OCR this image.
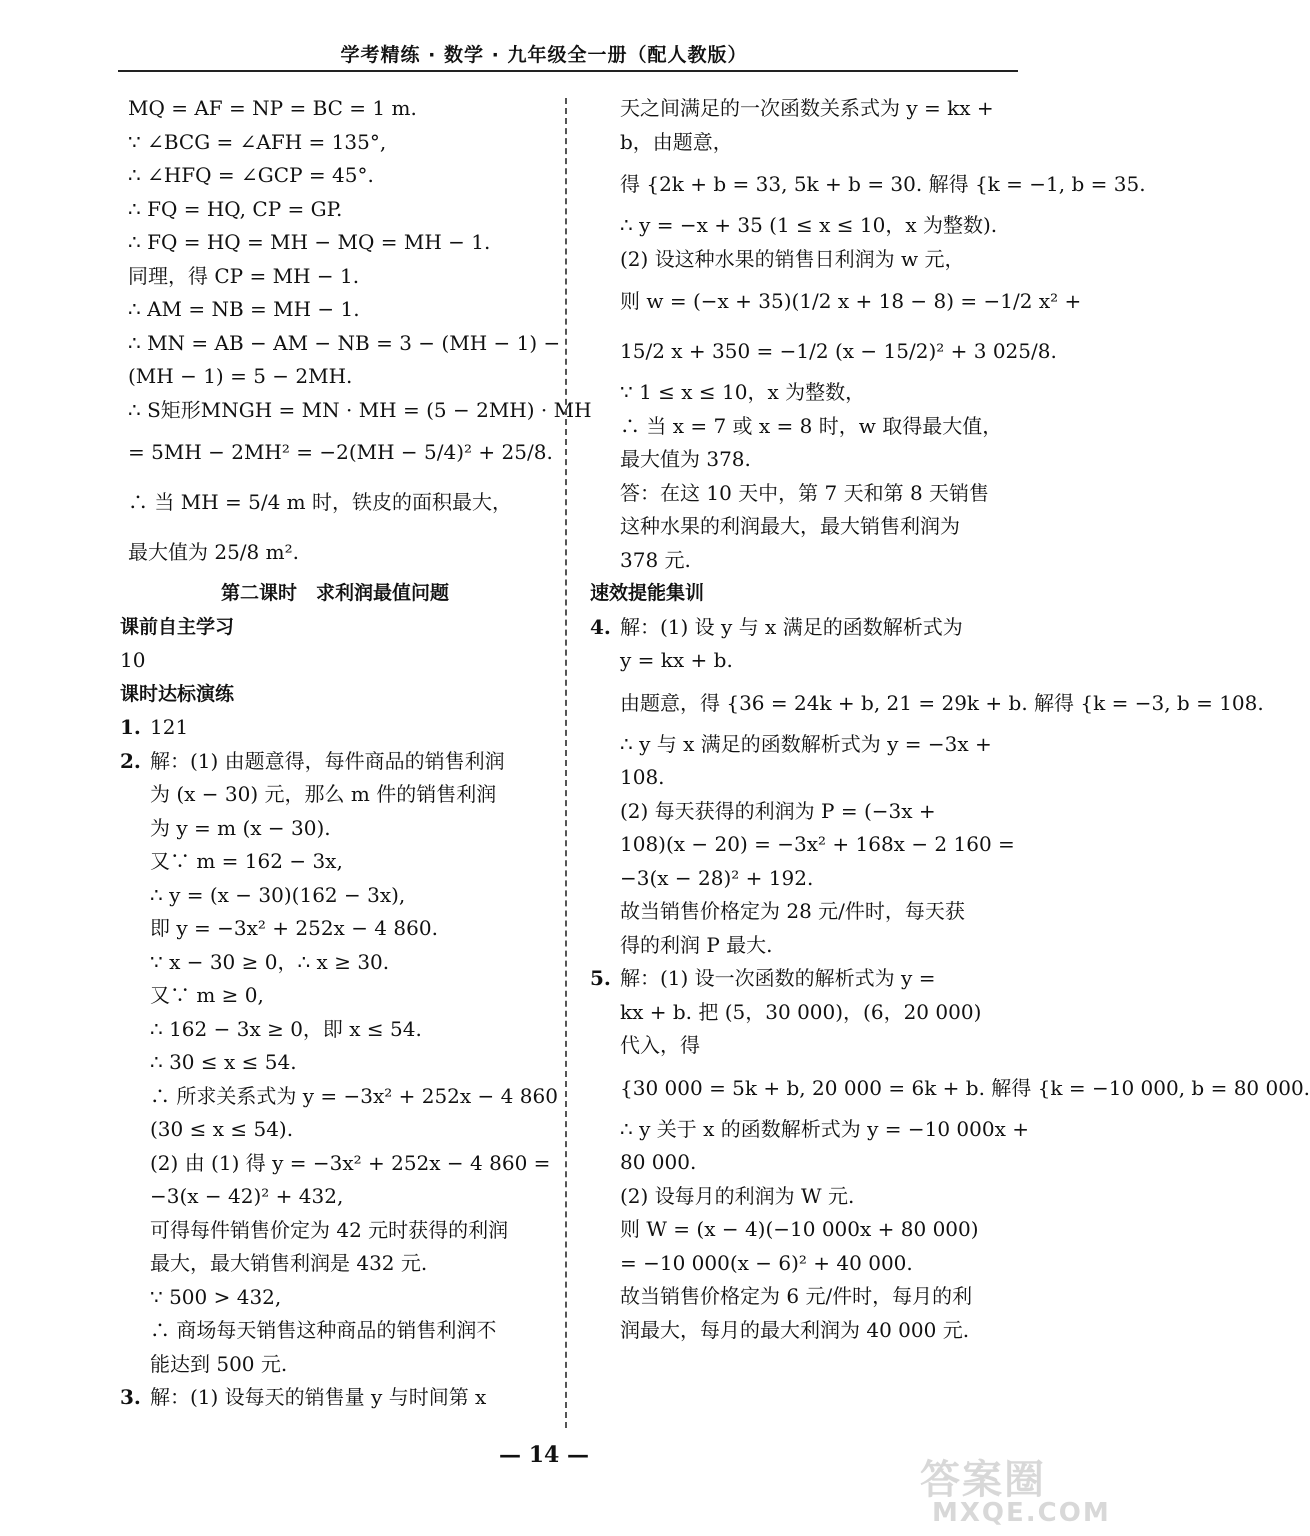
学考精练 · 数学 · 九年级全一册（配人教版）
MQ = AF = NP = BC = 1 m.
∵ ∠BCG = ∠AFH = 135°,
∴ ∠HFQ = ∠GCP = 45°.
∴ FQ = HQ, CP = GP.
∴ FQ = HQ = MH − MQ = MH − 1.
同理，得 CP = MH − 1.
∴ AM = NB = MH − 1.
∴ MN = AB − AM − NB = 3 − (MH − 1) −
(MH − 1) = 5 − 2MH.
∴ S矩形MNGH = MN · MH = (5 − 2MH) · MH
= 5MH − 2MH² = −2(MH − 5/4)² + 25/8.
∴ 当 MH = 5/4 m 时，铁皮的面积最大，
最大值为 25/8 m².
第二课时　求利润最值问题
课前自主学习
10
课时达标演练
1. 121
2. 解：(1) 由题意得，每件商品的销售利润
为 (x − 30) 元，那么 m 件的销售利润
为 y = m (x − 30).
又∵ m = 162 − 3x,
∴ y = (x − 30)(162 − 3x),
即 y = −3x² + 252x − 4 860.
∵ x − 30 ≥ 0，∴ x ≥ 30.
又∵ m ≥ 0,
∴ 162 − 3x ≥ 0，即 x ≤ 54.
∴ 30 ≤ x ≤ 54.
∴ 所求关系式为 y = −3x² + 252x − 4 860
(30 ≤ x ≤ 54).
(2) 由 (1) 得 y = −3x² + 252x − 4 860 =
−3(x − 42)² + 432,
可得每件销售价定为 42 元时获得的利润
最大，最大销售利润是 432 元.
∵ 500 > 432,
∴ 商场每天销售这种商品的销售利润不
能达到 500 元.
3. 解：(1) 设每天的销售量 y 与时间第 x
天之间满足的一次函数关系式为 y = kx +
b，由题意，
得 {2k + b = 33, 5k + b = 30. 解得 {k = −1, b = 35.
∴ y = −x + 35 (1 ≤ x ≤ 10，x 为整数).
(2) 设这种水果的销售日利润为 w 元，
则 w = (−x + 35)(1/2 x + 18 − 8) = −1/2 x² +
15/2 x + 350 = −1/2 (x − 15/2)² + 3 025/8.
∵ 1 ≤ x ≤ 10，x 为整数，
∴ 当 x = 7 或 x = 8 时，w 取得最大值，
最大值为 378.
答：在这 10 天中，第 7 天和第 8 天销售
这种水果的利润最大，最大销售利润为
378 元.
速效提能集训
4. 解：(1) 设 y 与 x 满足的函数解析式为
y = kx + b.
由题意，得 {36 = 24k + b, 21 = 29k + b. 解得 {k = −3, b = 108.
∴ y 与 x 满足的函数解析式为 y = −3x +
108.
(2) 每天获得的利润为 P = (−3x +
108)(x − 20) = −3x² + 168x − 2 160 =
−3(x − 28)² + 192.
故当销售价格定为 28 元/件时，每天获
得的利润 P 最大.
5. 解：(1) 设一次函数的解析式为 y =
kx + b. 把 (5，30 000)，(6，20 000)
代入，得
{30 000 = 5k + b, 20 000 = 6k + b. 解得 {k = −10 000, b = 80 000.
∴ y 关于 x 的函数解析式为 y = −10 000x +
80 000.
(2) 设每月的利润为 W 元.
则 W = (x − 4)(−10 000x + 80 000)
= −10 000(x − 6)² + 40 000.
故当销售价格定为 6 元/件时，每月的利
润最大，每月的最大利润为 40 000 元.
— 14 —
答案圈
MXQE.COM
